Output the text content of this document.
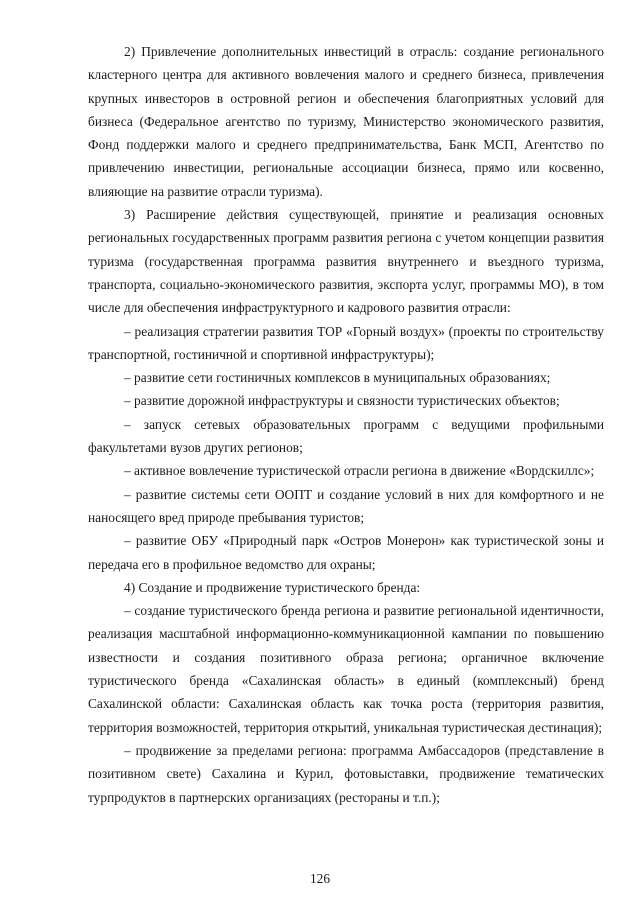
2) Привлечение дополнительных инвестиций в отрасль: создание регионального кластерного центра для активного вовлечения малого и среднего бизнеса, привлечения крупных инвесторов в островной регион и обеспечения благоприятных условий для бизнеса (Федеральное агентство по туризму, Министерство экономического развития, Фонд поддержки малого и среднего предпринимательства, Банк МСП, Агентство по привлечению инвестиции, региональные ассоциации бизнеса, прямо или косвенно, влияющие на развитие отрасли туризма).

3) Расширение действия существующей, принятие и реализация основных региональных государственных программ развития региона с учетом концепции развития туризма (государственная программа развития внутреннего и въездного туризма, транспорта, социально-экономического развития, экспорта услуг, программы МО), в том числе для обеспечения инфраструктурного и кадрового развития отрасли:

– реализация стратегии развития ТОР «Горный воздух» (проекты по строительству транспортной, гостиничной и спортивной инфраструктуры);

– развитие сети гостиничных комплексов в муниципальных образованиях;

– развитие дорожной инфраструктуры и связности туристических объектов;

– запуск сетевых образовательных программ с ведущими профильными факультетами вузов других регионов;

– активное вовлечение туристической отрасли региона в движение «Вордскиллс»;

– развитие системы сети ООПТ и создание условий в них для комфортного и не наносящего вред природе пребывания туристов;

– развитие ОБУ «Природный парк «Остров Монерон» как туристической зоны и передача его в профильное ведомство для охраны;

4) Создание и продвижение туристического бренда:

– создание туристического бренда региона и развитие региональной идентичности, реализация масштабной информационно-коммуникационной кампании по повышению известности и создания позитивного образа региона; органичное включение туристического бренда «Сахалинская область» в единый (комплексный) бренд Сахалинской области: Сахалинская область как точка роста (территория развития, территория возможностей, территория открытий, уникальная туристическая дестинация);

– продвижение за пределами региона: программа Амбассадоров (представление в позитивном свете) Сахалина и Курил, фотовыставки, продвижение тематических турпродуктов в партнерских организациях (рестораны и т.п.);

126
